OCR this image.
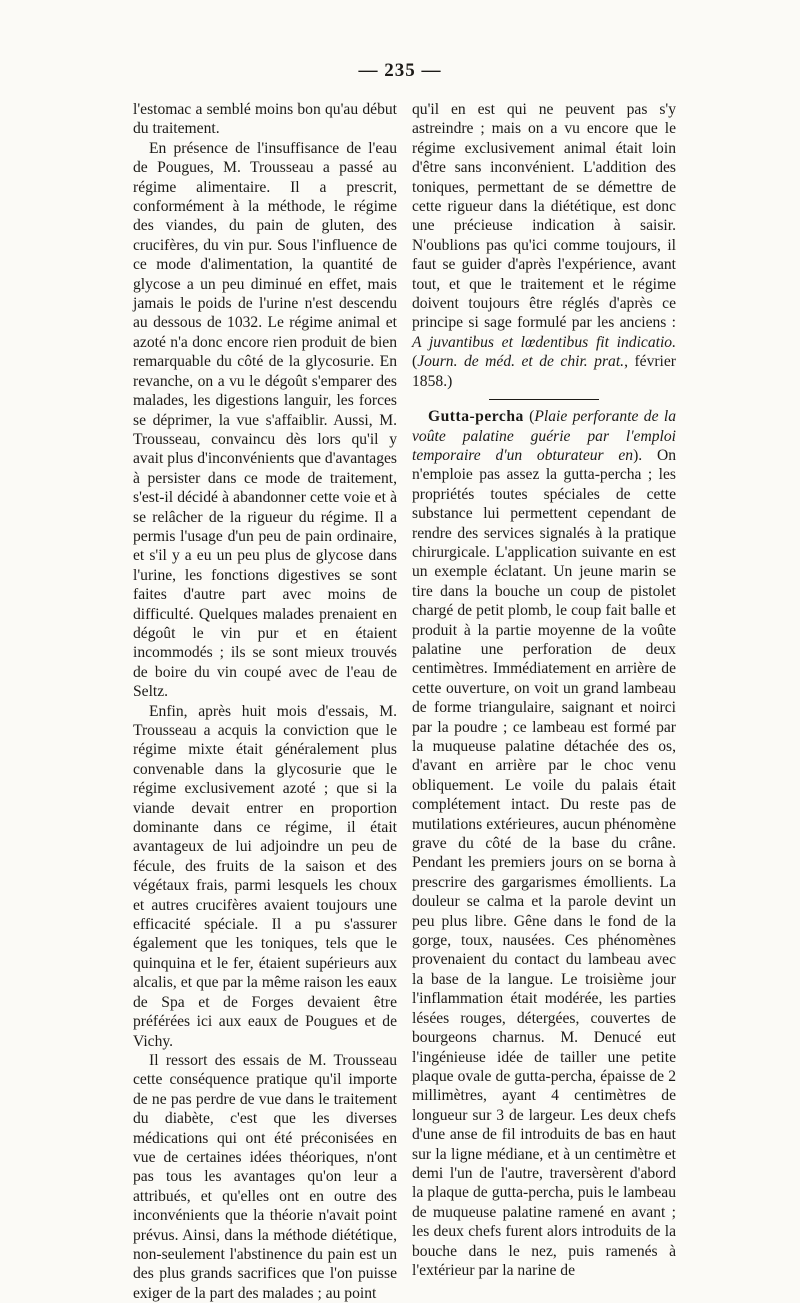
— 235 —

l'estomac a semblé moins bon qu'au début du traitement.

En présence de l'insuffisance de l'eau de Pougues, M. Trousseau a passé au régime alimentaire. Il a prescrit, conformément à la méthode, le régime des viandes, du pain de gluten, des crucifères, du vin pur. Sous l'influence de ce mode d'alimentation, la quantité de glycose a un peu diminué en effet, mais jamais le poids de l'urine n'est descendu au dessous de 1032. Le régime animal et azoté n'a donc encore rien produit de bien remarquable du côté de la glycosurie. En revanche, on a vu le dégoût s'emparer des malades, les digestions languir, les forces se déprimer, la vue s'affaiblir. Aussi, M. Trousseau, convaincu dès lors qu'il y avait plus d'inconvénients que d'avantages à persister dans ce mode de traitement, s'est-il décidé à abandonner cette voie et à se relâcher de la rigueur du régime. Il a permis l'usage d'un peu de pain ordinaire, et s'il y a eu un peu plus de glycose dans l'urine, les fonctions digestives se sont faites d'autre part avec moins de difficulté. Quelques malades prenaient en dégoût le vin pur et en étaient incommodés ; ils se sont mieux trouvés de boire du vin coupé avec de l'eau de Seltz.

Enfin, après huit mois d'essais, M. Trousseau a acquis la conviction que le régime mixte était généralement plus convenable dans la glycosurie que le régime exclusivement azoté ; que si la viande devait entrer en proportion dominante dans ce régime, il était avantageux de lui adjoindre un peu de fécule, des fruits de la saison et des végétaux frais, parmi lesquels les choux et autres crucifères avaient toujours une efficacité spéciale. Il a pu s'assurer également que les toniques, tels que le quinquina et le fer, étaient supérieurs aux alcalis, et que par la même raison les eaux de Spa et de Forges devaient être préférées ici aux eaux de Pougues et de Vichy.

Il ressort des essais de M. Trousseau cette conséquence pratique qu'il importe de ne pas perdre de vue dans le traitement du diabète, c'est que les diverses médications qui ont été préconisées en vue de certaines idées théoriques, n'ont pas tous les avantages qu'on leur a attribués, et qu'elles ont en outre des inconvénients que la théorie n'avait point prévus. Ainsi, dans la méthode diététique, non-seulement l'abstinence du pain est un des plus grands sacrifices que l'on puisse exiger de la part des malades ; au point

qu'il en est qui ne peuvent pas s'y astreindre ; mais on a vu encore que le régime exclusivement animal était loin d'être sans inconvénient. L'addition des toniques, permettant de se démettre de cette rigueur dans la diététique, est donc une précieuse indication à saisir. N'oublions pas qu'ici comme toujours, il faut se guider d'après l'expérience, avant tout, et que le traitement et le régime doivent toujours être réglés d'après ce principe si sage formulé par les anciens : A juvantibus et lœdentibus fit indicatio. (Journ. de méd. et de chir. prat., février 1858.)

Gutta-percha (Plaie perforante de la voûte palatine guérie par l'emploi temporaire d'un obturateur en). On n'emploie pas assez la gutta-percha ; les propriétés toutes spéciales de cette substance lui permettent cependant de rendre des services signalés à la pratique chirurgicale. L'application suivante en est un exemple éclatant. Un jeune marin se tire dans la bouche un coup de pistolet chargé de petit plomb, le coup fait balle et produit à la partie moyenne de la voûte palatine une perforation de deux centimètres. Immédiatement en arrière de cette ouverture, on voit un grand lambeau de forme triangulaire, saignant et noirci par la poudre ; ce lambeau est formé par la muqueuse palatine détachée des os, d'avant en arrière par le choc venu obliquement. Le voile du palais était complétement intact. Du reste pas de mutilations extérieures, aucun phénomène grave du côté de la base du crâne. Pendant les premiers jours on se borna à prescrire des gargarismes émollients. La douleur se calma et la parole devint un peu plus libre. Gêne dans le fond de la gorge, toux, nausées. Ces phénomènes provenaient du contact du lambeau avec la base de la langue. Le troisième jour l'inflammation était modérée, les parties lésées rouges, détergées, couvertes de bourgeons charnus. M. Denucé eut l'ingénieuse idée de tailler une petite plaque ovale de gutta-percha, épaisse de 2 millimètres, ayant 4 centimètres de longueur sur 3 de largeur. Les deux chefs d'une anse de fil introduits de bas en haut sur la ligne médiane, et à un centimètre et demi l'un de l'autre, traversèrent d'abord la plaque de gutta-percha, puis le lambeau de muqueuse palatine ramené en avant ; les deux chefs furent alors introduits de la bouche dans le nez, puis ramenés à l'extérieur par la narine de
